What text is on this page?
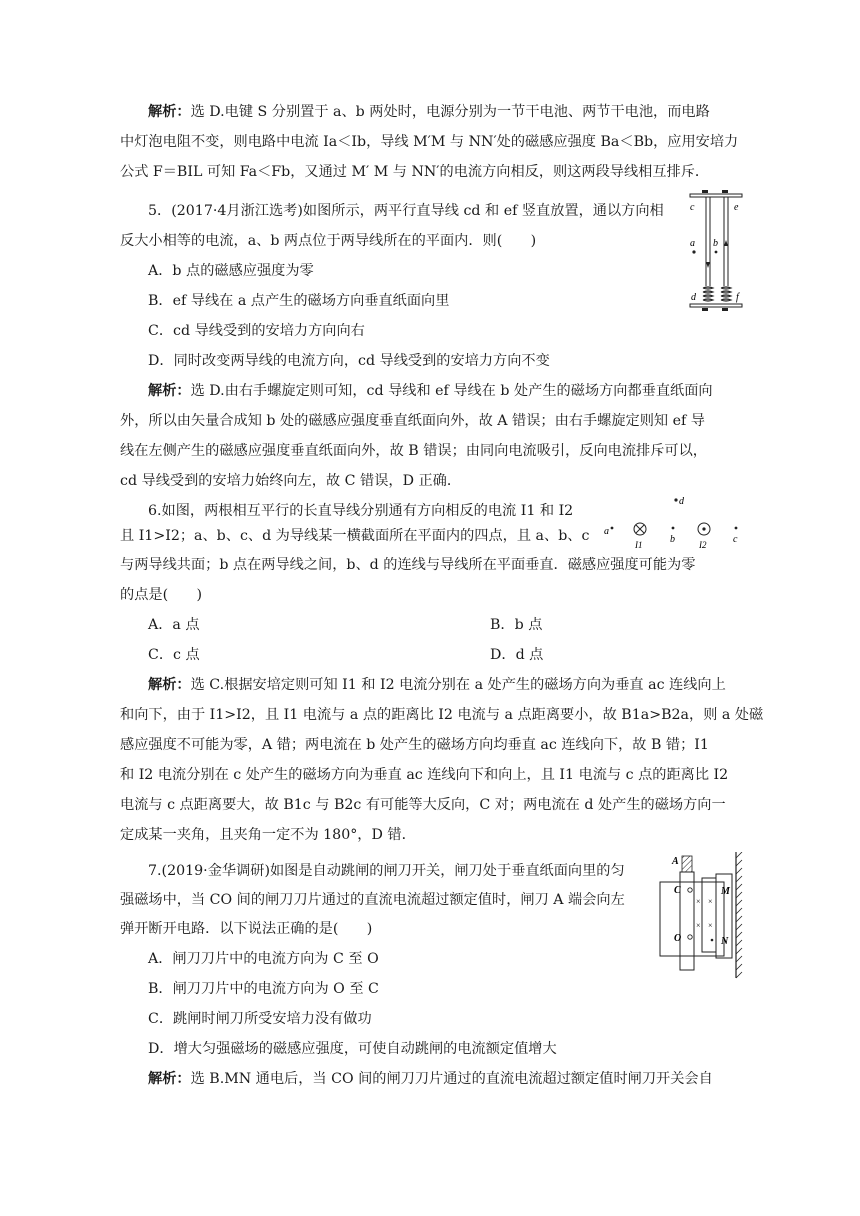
解析：选 D.电键 S 分别置于 a、b 两处时，电源分别为一节干电池、两节干电池，而电路
中灯泡电阻不变，则电路中电流 Ia＜Ib，导线 M′M 与 NN′处的磁感应强度 Ba＜Bb，应用安培力
公式 F＝BIL 可知 Fa＜Fb，又通过 M′ M 与 NN′的电流方向相反，则这两段导线相互排斥．
5．(2017·4月浙江选考)如图所示，两平行直导线 cd 和 ef 竖直放置，通以方向相
反大小相等的电流，a、b 两点位于两导线所在的平面内．则(　　)
A．b 点的磁感应强度为零
B．ef 导线在 a 点产生的磁场方向垂直纸面向里
C．cd 导线受到的安培力方向向右
D．同时改变两导线的电流方向，cd 导线受到的安培力方向不变
解析：选 D.由右手螺旋定则可知，cd 导线和 ef 导线在 b 处产生的磁场方向都垂直纸面向
外，所以由矢量合成知 b 处的磁感应强度垂直纸面向外，故 A 错误；由右手螺旋定则知 ef 导
线在左侧产生的磁感应强度垂直纸面向外，故 B 错误；由同向电流吸引，反向电流排斥可以，
cd 导线受到的安培力始终向左，故 C 错误，D 正确．
c	e
a b
d	f
6.如图，两根相互平行的长直导线分别通有方向相反的电流 I1 和 I2
且 I1>I2；a、b、c、d 为导线某一横截面所在平面内的四点，且 a、b、c
与两导线共面；b 点在两导线之间，b、d 的连线与导线所在平面垂直．磁感应强度可能为零
的点是(　　)
A．a 点	B．b 点
C．c 点	D．d 点
解析：选 C.根据安培定则可知 I1 和 I2 电流分别在 a 处产生的磁场方向为垂直 ac 连线向上
和向下，由于 I1>I2，且 I1 电流与 a 点的距离比 I2 电流与 a 点距离要小，故 B1a>B2a，则 a 处磁
感应强度不可能为零，A 错；两电流在 b 处产生的磁场方向均垂直 ac 连线向下，故 B 错；I1
和 I2 电流分别在 c 处产生的磁场方向为垂直 ac 连线向下和向上，且 I1 电流与 c 点的距离比 I2
电流与 c 点距离要大，故 B1c 与 B2c 有可能等大反向，C 对；两电流在 d 处产生的磁场方向一
定成某一夹角，且夹角一定不为 180°，D 错．
d
a
I1	b	I2	c
7.(2019·金华调研)如图是自动跳闸的闸刀开关，闸刀处于垂直纸面向里的匀
强磁场中，当 CO 间的闸刀刀片通过的直流电流超过额定值时，闸刀 A 端会向左
弹开断开电路．以下说法正确的是(　　)
A．闸刀刀片中的电流方向为 C 至 O
B．闸刀刀片中的电流方向为 O 至 C
C．跳闸时闸刀所受安培力没有做功
D．增大匀强磁场的磁感应强度，可使自动跳闸的电流额定值增大
解析：选 B.MN 通电后，当 CO 间的闸刀刀片通过的直流电流超过额定值时闸刀开关会自
× ×
× ×
A
C	M
O	N
